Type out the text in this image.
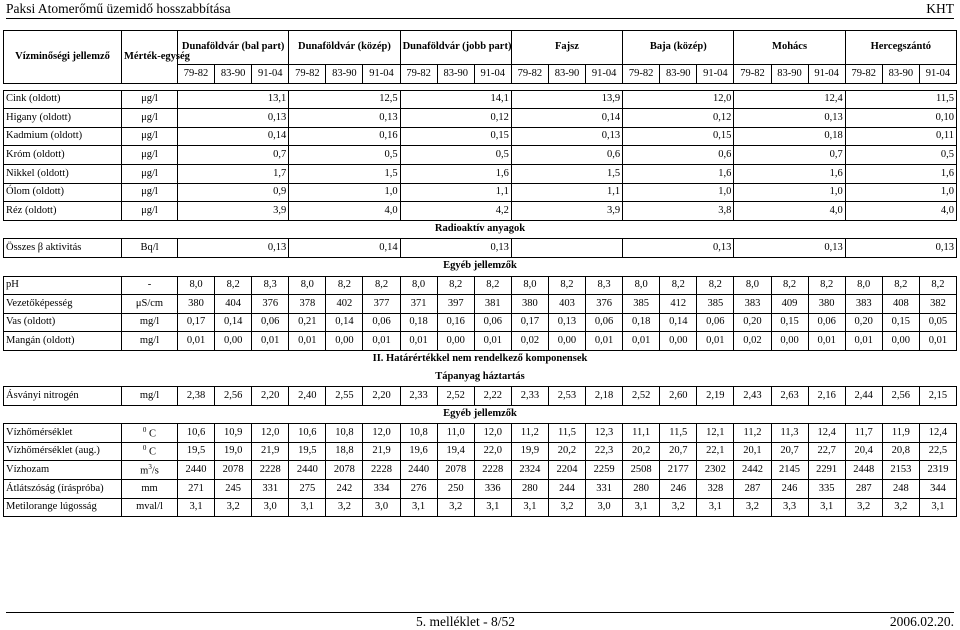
Paksi Atomerőmű üzemidő hosszabbítása	KHT
Vízminőségi jellemző	Mérték-egység	Dunaföldvár (bal part)			Dunaföldvár (közép)			Dunaföldvár (jobb part)			Fajsz			Baja (közép)			Mohács			Hercegszántó		
		79-82	83-90	91-04	79-82	83-90	91-04	79-82	83-90	91-04	79-82	83-90	91-04	79-82	83-90	91-04	79-82	83-90	91-04	79-82	83-90	91-04

Cink (oldott)	μg/l	13,1			12,5			14,1			13,9			12,0			12,4			11,5		
Higany (oldott)	μg/l	0,13			0,13			0,12			0,14			0,12			0,13			0,10		
Kadmium (oldott)	μg/l	0,14			0,16			0,15			0,13			0,15			0,18			0,11		
Króm (oldott)	μg/l	0,7			0,5			0,5			0,6			0,6			0,7			0,5		
Nikkel (oldott)	μg/l	1,7			1,5			1,6			1,5			1,6			1,6			1,6		
Ólom (oldott)	μg/l	0,9			1,0			1,1			1,1			1,0			1,0			1,0		
Réz (oldott)	μg/l	3,9			4,0			4,2			3,9			3,8			4,0			4,0		
Radioaktív anyagok																						
Összes β aktivitás	Bq/l	0,13			0,14			0,13						0,13			0,13			0,13		
Egyéb jellemzők																						
pH	-	8,0	8,2	8,3	8,0	8,2	8,2	8,0	8,2	8,2	8,0	8,2	8,3	8,0	8,2	8,2	8,0	8,2	8,2	8,0	8,2	8,2
Vezetőképesség	μS/cm	380	404	376	378	402	377	371	397	381	380	403	376	385	412	385	383	409	380	383	408	382
Vas (oldott)	mg/l	0,17	0,14	0,06	0,21	0,14	0,06	0,18	0,16	0,06	0,17	0,13	0,06	0,18	0,14	0,06	0,20	0,15	0,06	0,20	0,15	0,05
Mangán (oldott)	mg/l	0,01	0,00	0,01	0,01	0,00	0,01	0,01	0,00	0,01	0,02	0,00	0,01	0,01	0,00	0,01	0,02	0,00	0,01	0,01	0,00	0,01
II. Határértékkel nem rendelkező komponensek																						
Tápanyag háztartás																						
Ásványi nitrogén	mg/l	2,38	2,56	2,20	2,40	2,55	2,20	2,33	2,52	2,22	2,33	2,53	2,18	2,52	2,60	2,19	2,43	2,63	2,16	2,44	2,56	2,15
Egyéb jellemzők																						
Vízhőmérséklet	$^0$ C	10,6	10,9	12,0	10,6	10,8	12,0	10,8	11,0	12,0	11,2	11,5	12,3	11,1	11,5	12,1	11,2	11,3	12,4	11,7	11,9	12,4
Vízhőmérséklet (aug.)	$^0$ C	19,5	19,0	21,9	19,5	18,8	21,9	19,6	19,4	22,0	19,9	20,2	22,3	20,2	20,7	22,1	20,1	20,7	22,7	20,4	20,8	22,5
Vízhozam	$m^3/s$	2440	2078	2228	2440	2078	2228	2440	2078	2228	2324	2204	2259	2508	2177	2302	2442	2145	2291	2448	2153	2319
Átlátszóság (íráspróba)	mm	271	245	331	275	242	334	276	250	336	280	244	331	280	246	328	287	246	335	287	248	344
Metilorange lúgosság	mval/l	3,1	3,2	3,0	3,1	3,2	3,0	3,1	3,2	3,1	3,1	3,2	3,0	3,1	3,2	3,1	3,2	3,3	3,1	3,2	3,2	3,1
5. melléklet - 8/52	2006.02.20.
